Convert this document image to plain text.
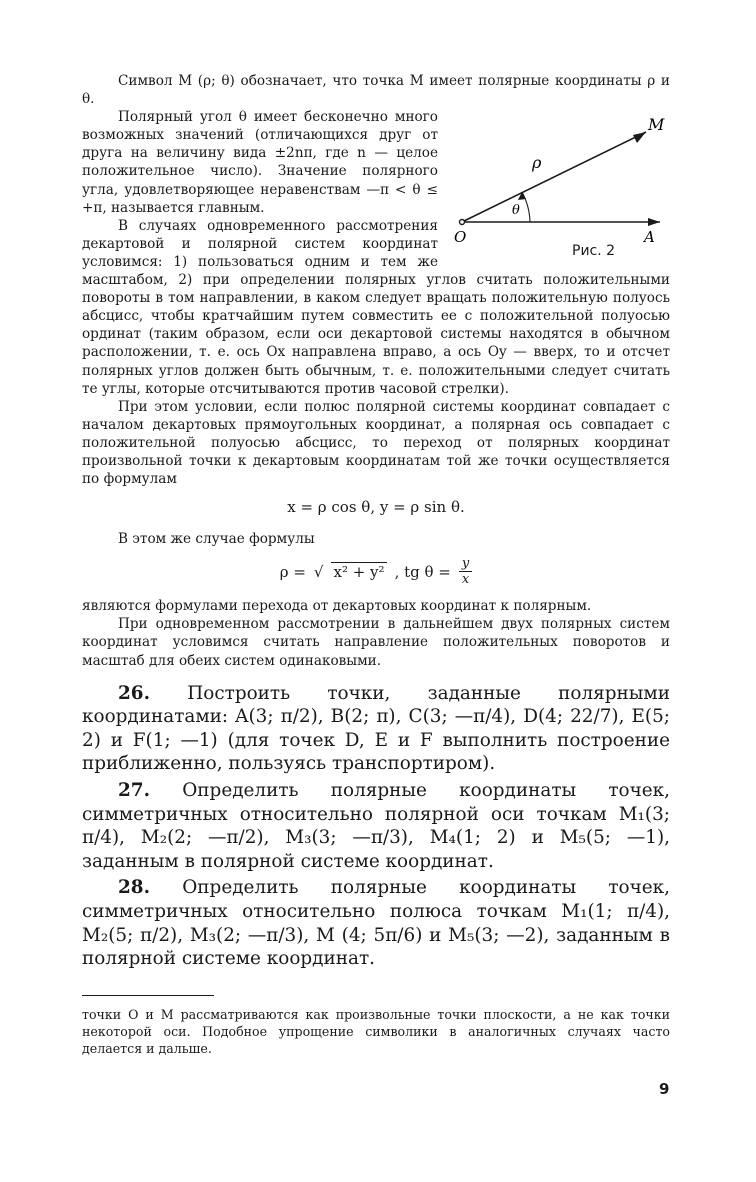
Символ M (ρ; θ) обозначает, что точка M имеет полярные координаты ρ и θ.

M
ρ
θ
O	A
Рис. 2
Полярный угол θ имеет бесконечно много возможных значений (отличающихся друг от друга на величину вида ±2nπ, где n — целое положительное число). Значение полярного угла, удовлетворяющее неравенствам —π < θ ≤ +π, называется главным.

В случаях одновременного рассмотрения декартовой и полярной систем координат условимся: 1) пользоваться одним и тем же масштабом, 2) при определении полярных углов считать положительными повороты в том направлении, в каком следует вращать положительную полуось абсцисс, чтобы кратчайшим путем совместить ее с положительной полуосью ординат (таким образом, если оси декартовой системы находятся в обычном расположении, т. е. ось Ox направлена вправо, а ось Oy — вверх, то и отсчет полярных углов должен быть обычным, т. е. положительными следует считать те углы, которые отсчитываются против часовой стрелки).

При этом условии, если полюс полярной системы координат совпадает с началом декартовых прямоугольных координат, а полярная ось совпадает с положительной полуосью абсцисс, то переход от полярных координат произвольной точки к декартовым координатам той же точки осуществляется по формулам

x = ρ cos θ, y = ρ sin θ.

В этом же случае формулы

ρ = √ x² + y² , tg $\theta = \frac{y}{x}$

являются формулами перехода от декартовых координат к полярным.

При одновременном рассмотрении в дальнейшем двух полярных систем координат условимся считать направление положительных поворотов и масштаб для обеих систем одинаковыми.

26. Построить точки, заданные полярными координатами: A(3; π/2), B(2; π), C(3; —π/4), D(4; 22/7), E(5; 2) и F(1; —1) (для точек D, E и F выполнить построение приближенно, пользуясь транспортиром).

27. Определить полярные координаты точек, симметричных относительно полярной оси точкам M₁(3; π/4), M₂(2; —π/2), M₃(3; —π/3), M₄(1; 2) и M₅(5; —1), заданным в полярной системе координат.

28. Определить полярные координаты точек, симметричных относительно полюса точкам M₁(1; π/4), M₂(5; π/2), M₃(2; —π/3), M (4; 5π/6) и M₅(3; —2), заданным в полярной системе координат.

точки O и M рассматриваются как произвольные точки плоскости, а не как точки некоторой оси. Подобное упрощение символики в аналогичных случаях часто делается и дальше.
9
